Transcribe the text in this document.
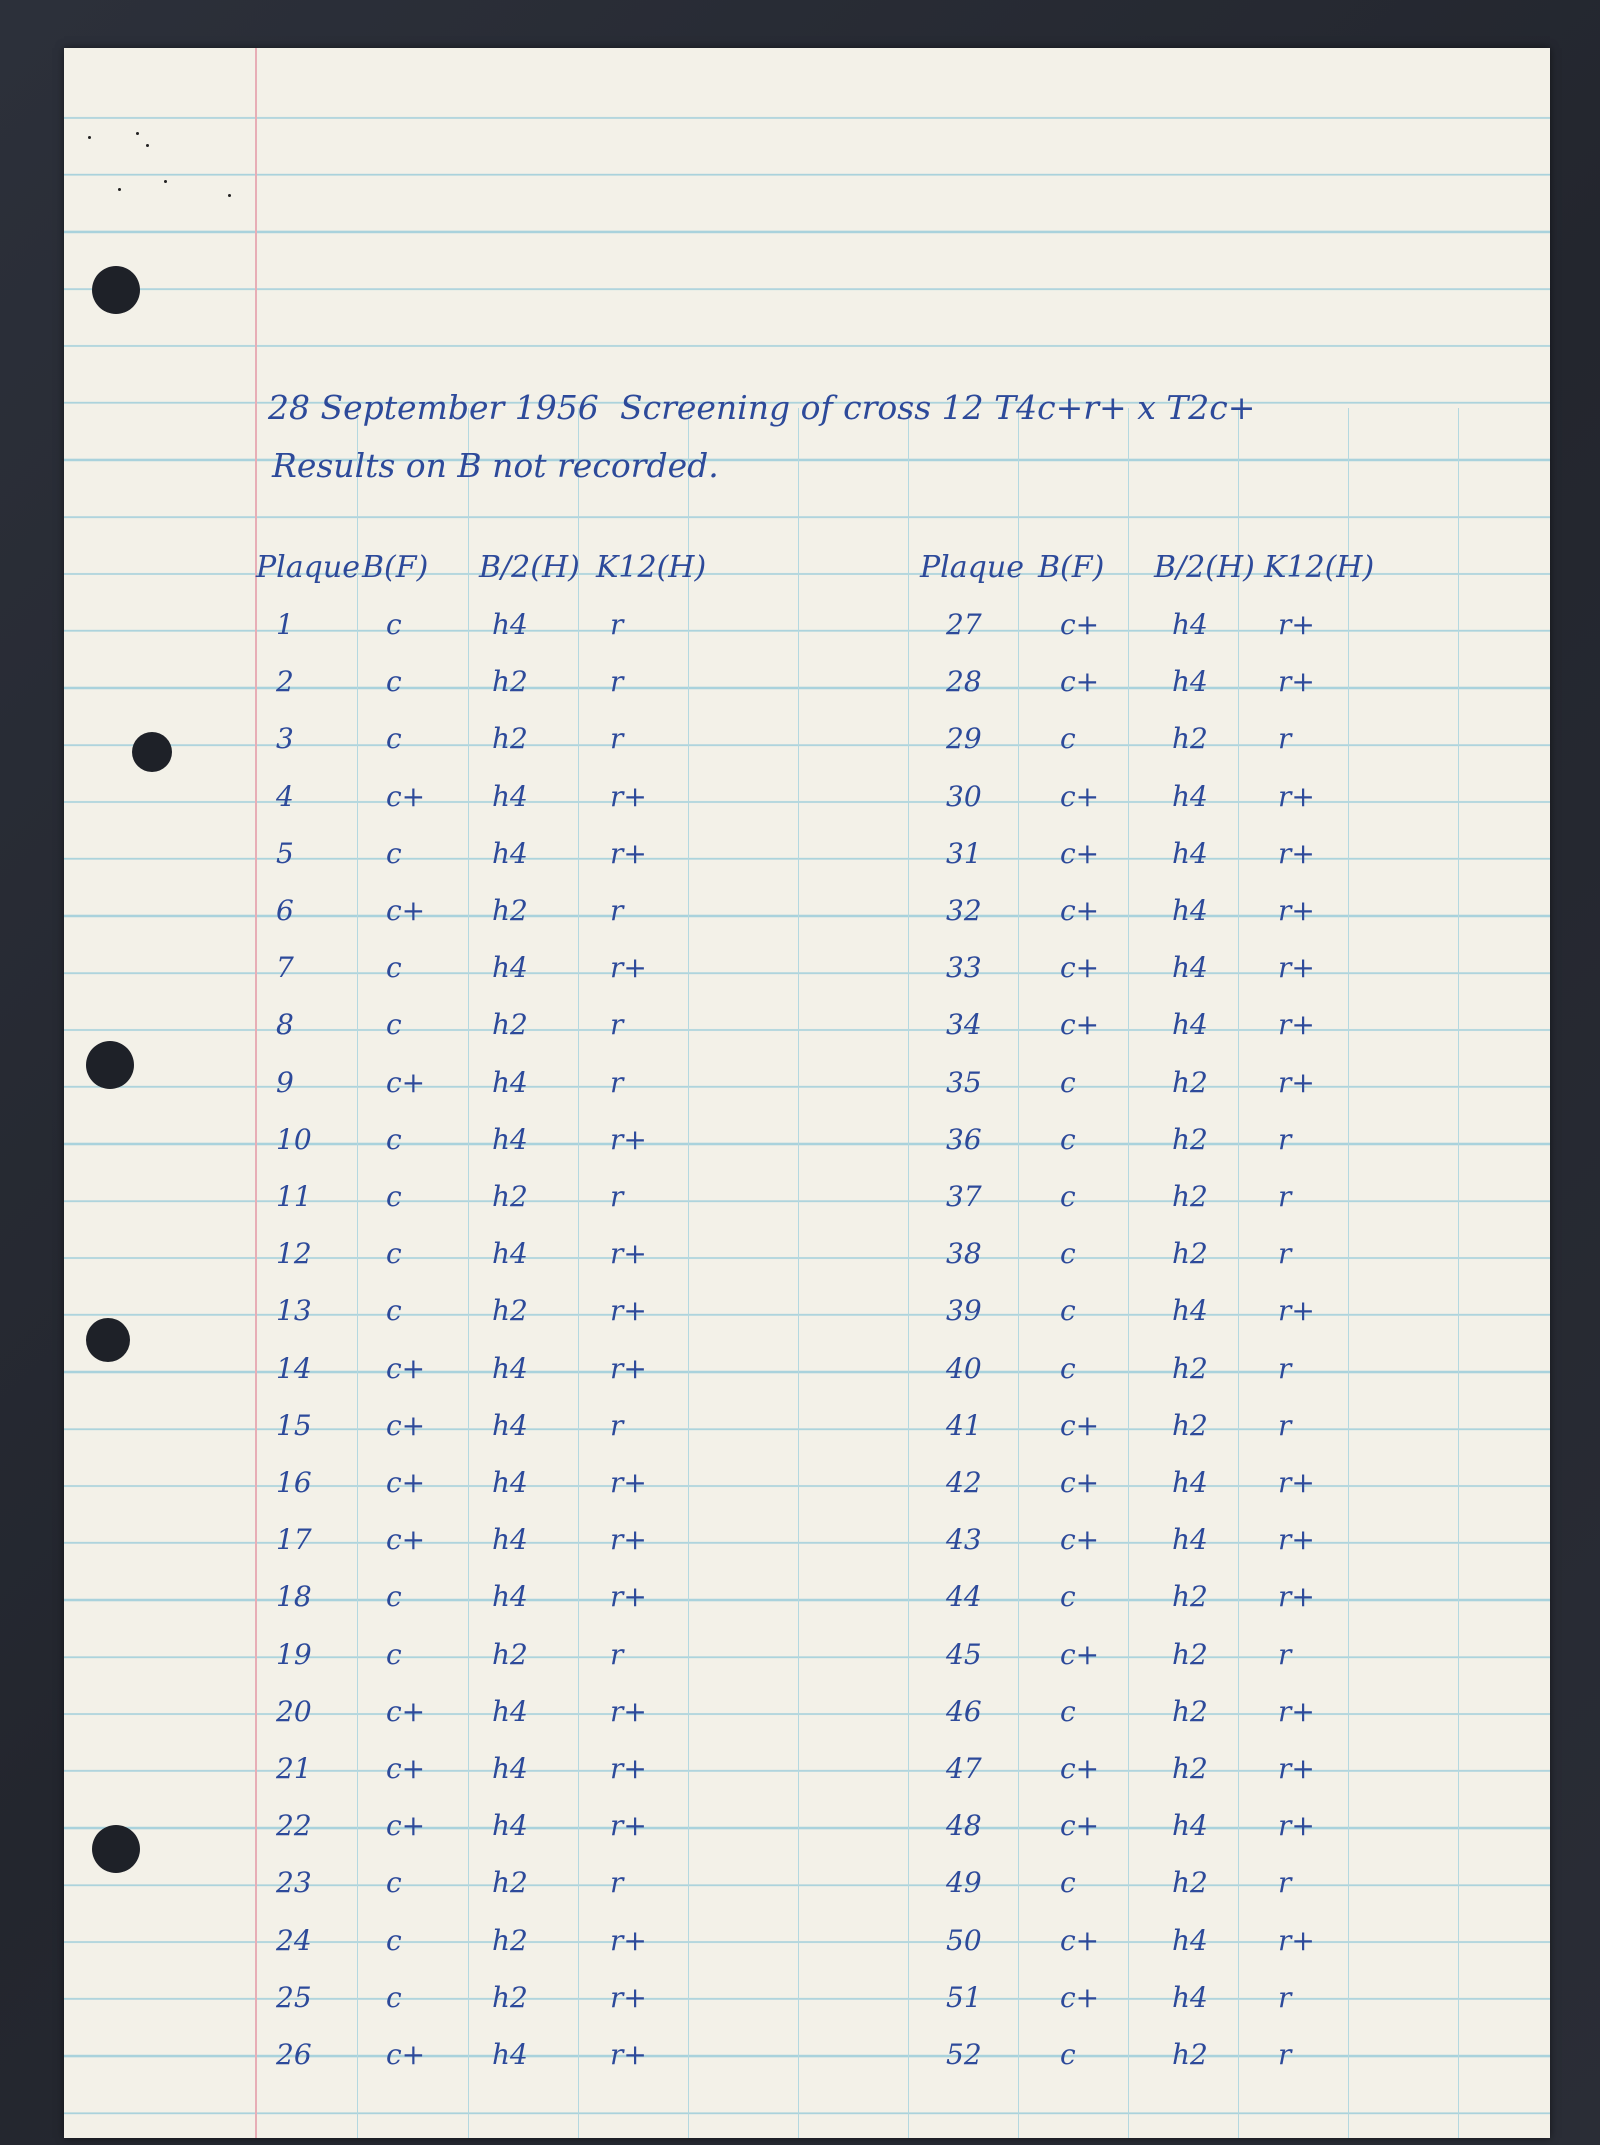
28 September 1956 Screening of cross 12 T4c+r+ x T2c+
Results on B not recorded.
Plaque B(F) B/2(H) K12(H)
1	c	h4	r
2	c	h2	r
3	c	h2	r
4	c+ h4	r+
5	c	h4	r+
6	c+ h2	r
7	c	h4	r+
8	c	h2	r
9	c+ h4	r
10	c	h4	r+
11	c	h2	r
12	c	h4	r+
13	c	h2	r+
14	c+ h4	r+
15	c+ h4	r
16	c+ h4	r+
17	c+ h4	r+
18	c	h4	r+
19	c	h2	r
20	c+ h4	r+
21	c+ h4	r+
22	c+ h4	r+
23	c	h2	r
24	c	h2	r+
25	c	h2	r+
26	c+ h4	r+
Plaque B(F) B/2(H) K12(H)
27	c+	h4	r+
28	c+	h4	r+
29	c	h2	r
30	c+	h4	r+
31	c+	h4	r+
32	c+	h4	r+
33	c+	h4	r+
34	c+	h4	r+
35	c	h2	r+
36	c	h2	r
37	c	h2	r
38	c	h2	r
39	c	h4	r+
40	c	h2	r
41	c+	h2	r
42	c+	h4	r+
43	c+	h4	r+
44	c	h2	r+
45	c+	h2	r
46	c	h2	r+
47	c+	h2	r+
48	c+	h4	r+
49	c	h2	r
50	c+	h4	r+
51	c+	h4	r
52	c	h2	r
